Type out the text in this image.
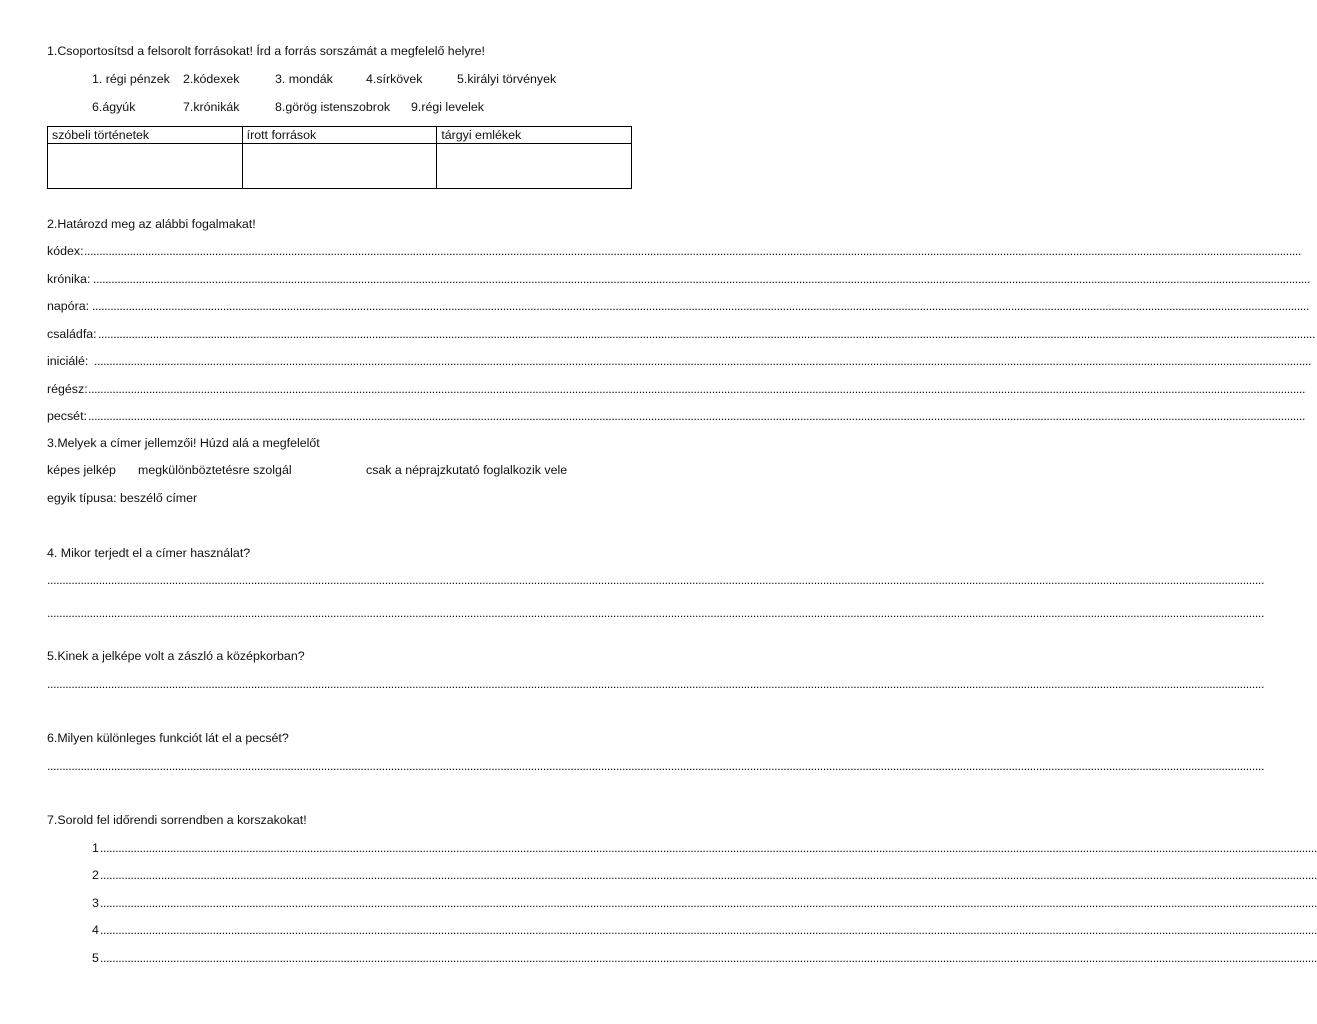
1.Csoportosítsd a felsorolt forrásokat! Írd a forrás sorszámát a megfelelő helyre!
1. régi pénzek 2.kódexek	3. mondák	4.sírkövek	5.királyi törvények
6.ágyúk	7.krónikák	8.görög istenszobrok 9.régi levelek
szóbeli történetek	írott források	tárgyi emlékek

2.Határozd meg az alábbi fogalmakat!
kódex: ................................................................................................................................................................................................................................................................................................................................................................................................................
krónika: ................................................................................................................................................................................................................................................................................................................................................................................................................
napóra: ................................................................................................................................................................................................................................................................................................................................................................................................................
családfa: ................................................................................................................................................................................................................................................................................................................................................................................................................
iniciálé: ................................................................................................................................................................................................................................................................................................................................................................................................................
régész: ................................................................................................................................................................................................................................................................................................................................................................................................................
pecsét: ................................................................................................................................................................................................................................................................................................................................................................................................................
3.Melyek a címer jellemzői! Húzd alá a megfelelőt
képes jelkép megkülönböztetésre szolgál	csak a néprajzkutató foglalkozik vele
egyik típusa: beszélő címer
4. Mikor terjedt el a címer használat?
................................................................................................................................................................................................................................................................................................................................................................................................................
................................................................................................................................................................................................................................................................................................................................................................................................................
5.Kinek a jelképe volt a zászló a középkorban?
................................................................................................................................................................................................................................................................................................................................................................................................................
6.Milyen különleges funkciót lát el a pecsét?
................................................................................................................................................................................................................................................................................................................................................................................................................
7.Sorold fel időrendi sorrendben a korszakokat!
1 ................................................................................................................................................................................................................................................................................................................................................................................................................
2 ................................................................................................................................................................................................................................................................................................................................................................................................................
3 ................................................................................................................................................................................................................................................................................................................................................................................................................
4 ................................................................................................................................................................................................................................................................................................................................................................................................................
5 ................................................................................................................................................................................................................................................................................................................................................................................................................
